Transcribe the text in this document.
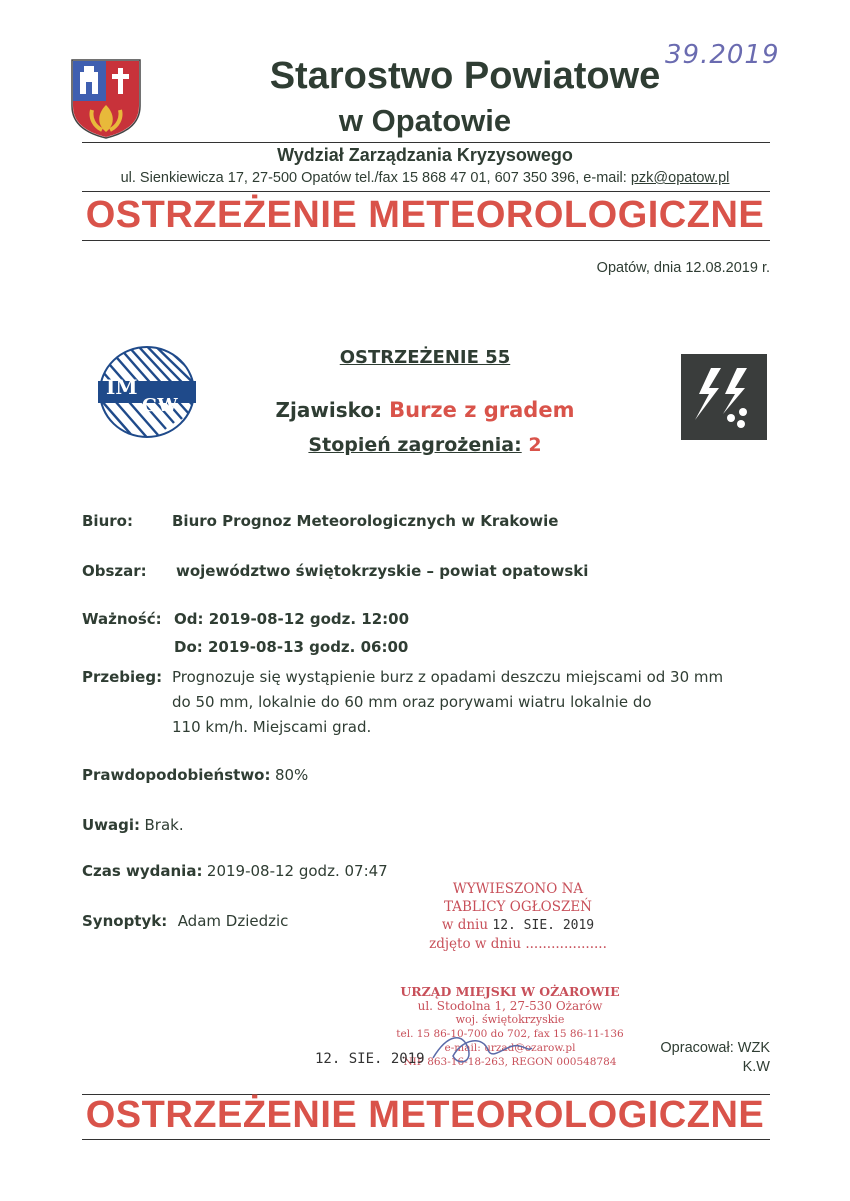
39.2019
Starostwo Powiatowe
w Opatowie
Wydział Zarządzania Kryzysowego
ul. Sienkiewicza 17, 27-500 Opatów tel./fax 15 868 47 01, 607 350 396, e-mail: pzk@opatow.pl
OSTRZEŻENIE METEOROLOGICZNE
Opatów, dnia 12.08.2019 r.
IM
GW
OSTRZEŻENIE 55
Zjawisko: Burze z gradem
Stopień zagrożenia: 2
Biuro:	Biuro Prognoz Meteorologicznych w Krakowie
Obszar: województwo świętokrzyskie – powiat opatowski
Ważność: Od: 2019-08-12 godz. 12:00
Do: 2019-08-13 godz. 06:00
Przebieg: Prognozuje się wystąpienie burz z opadami deszczu miejscami od 30 mm
do 50 mm, lokalnie do 60 mm oraz porywami wiatru lokalnie do
110 km/h. Miejscami grad.
Prawdopodobieństwo: 80%
Uwagi: Brak.
Czas wydania: 2019-08-12 godz. 07:47
Synoptyk: Adam Dziedzic
WYWIESZONO NA
TABLICY OGŁOSZEŃ
w dniu 12. SIE. 2019
zdjęto w dniu ...................
URZĄD MIEJSKI W OŻAROWIE
ul. Stodolna 1, 27-530 Ożarów
woj. świętokrzyskie
tel. 15 86-10-700 do 702, fax 15 86-11-136
e-mail: urzad@ozarow.pl
NIP 863-16-18-263, REGON 000548784
12. SIE. 2019
Opracował: WZK
K.W
OSTRZEŻENIE METEOROLOGICZNE
